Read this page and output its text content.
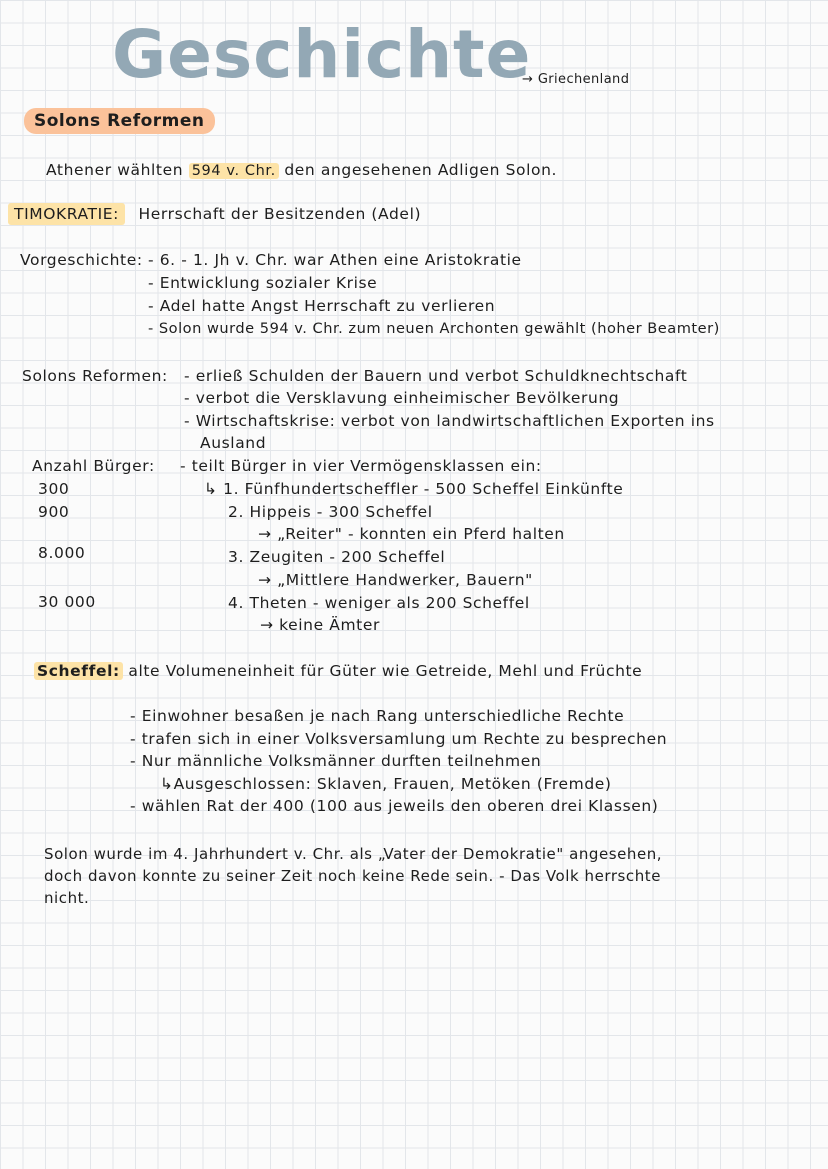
Geschichte
→ Griechenland
Solons Reformen
Athener wählten 594 v. Chr. den angesehenen Adligen Solon.
TIMOKRATIE: Herrschaft der Besitzenden (Adel)
Vorgeschichte: - 6. - 1. Jh v. Chr. war Athen eine Aristokratie
- Entwicklung sozialer Krise
- Adel hatte Angst Herrschaft zu verlieren
- Solon wurde 594 v. Chr. zum neuen Archonten gewählt (hoher Beamter)
Solons Reformen: - erließ Schulden der Bauern und verbot Schuldknechtschaft
- verbot die Versklavung einheimischer Bevölkerung
- Wirtschaftskrise: verbot von landwirtschaftlichen Exporten ins
Ausland
- teilt Bürger in vier Vermögensklassen ein:
Anzahl Bürger:
300
900
8.000
30 000
↳ 1. Fünfhundertscheffler - 500 Scheffel Einkünfte
2. Hippeis - 300 Scheffel
→ „Reiter" - konnten ein Pferd halten
3. Zeugiten - 200 Scheffel
→ „Mittlere Handwerker, Bauern"
4. Theten - weniger als 200 Scheffel
→ keine Ämter
Scheffel: alte Volumeneinheit für Güter wie Getreide, Mehl und Früchte
- Einwohner besaßen je nach Rang unterschiedliche Rechte
- trafen sich in einer Volksversamlung um Rechte zu besprechen
- Nur männliche Volksmänner durften teilnehmen
↳Ausgeschlossen: Sklaven, Frauen, Metöken (Fremde)
- wählen Rat der 400 (100 aus jeweils den oberen drei Klassen)
Solon wurde im 4. Jahrhundert v. Chr. als „Vater der Demokratie" angesehen,
doch davon konnte zu seiner Zeit noch keine Rede sein. - Das Volk herrschte
nicht.
